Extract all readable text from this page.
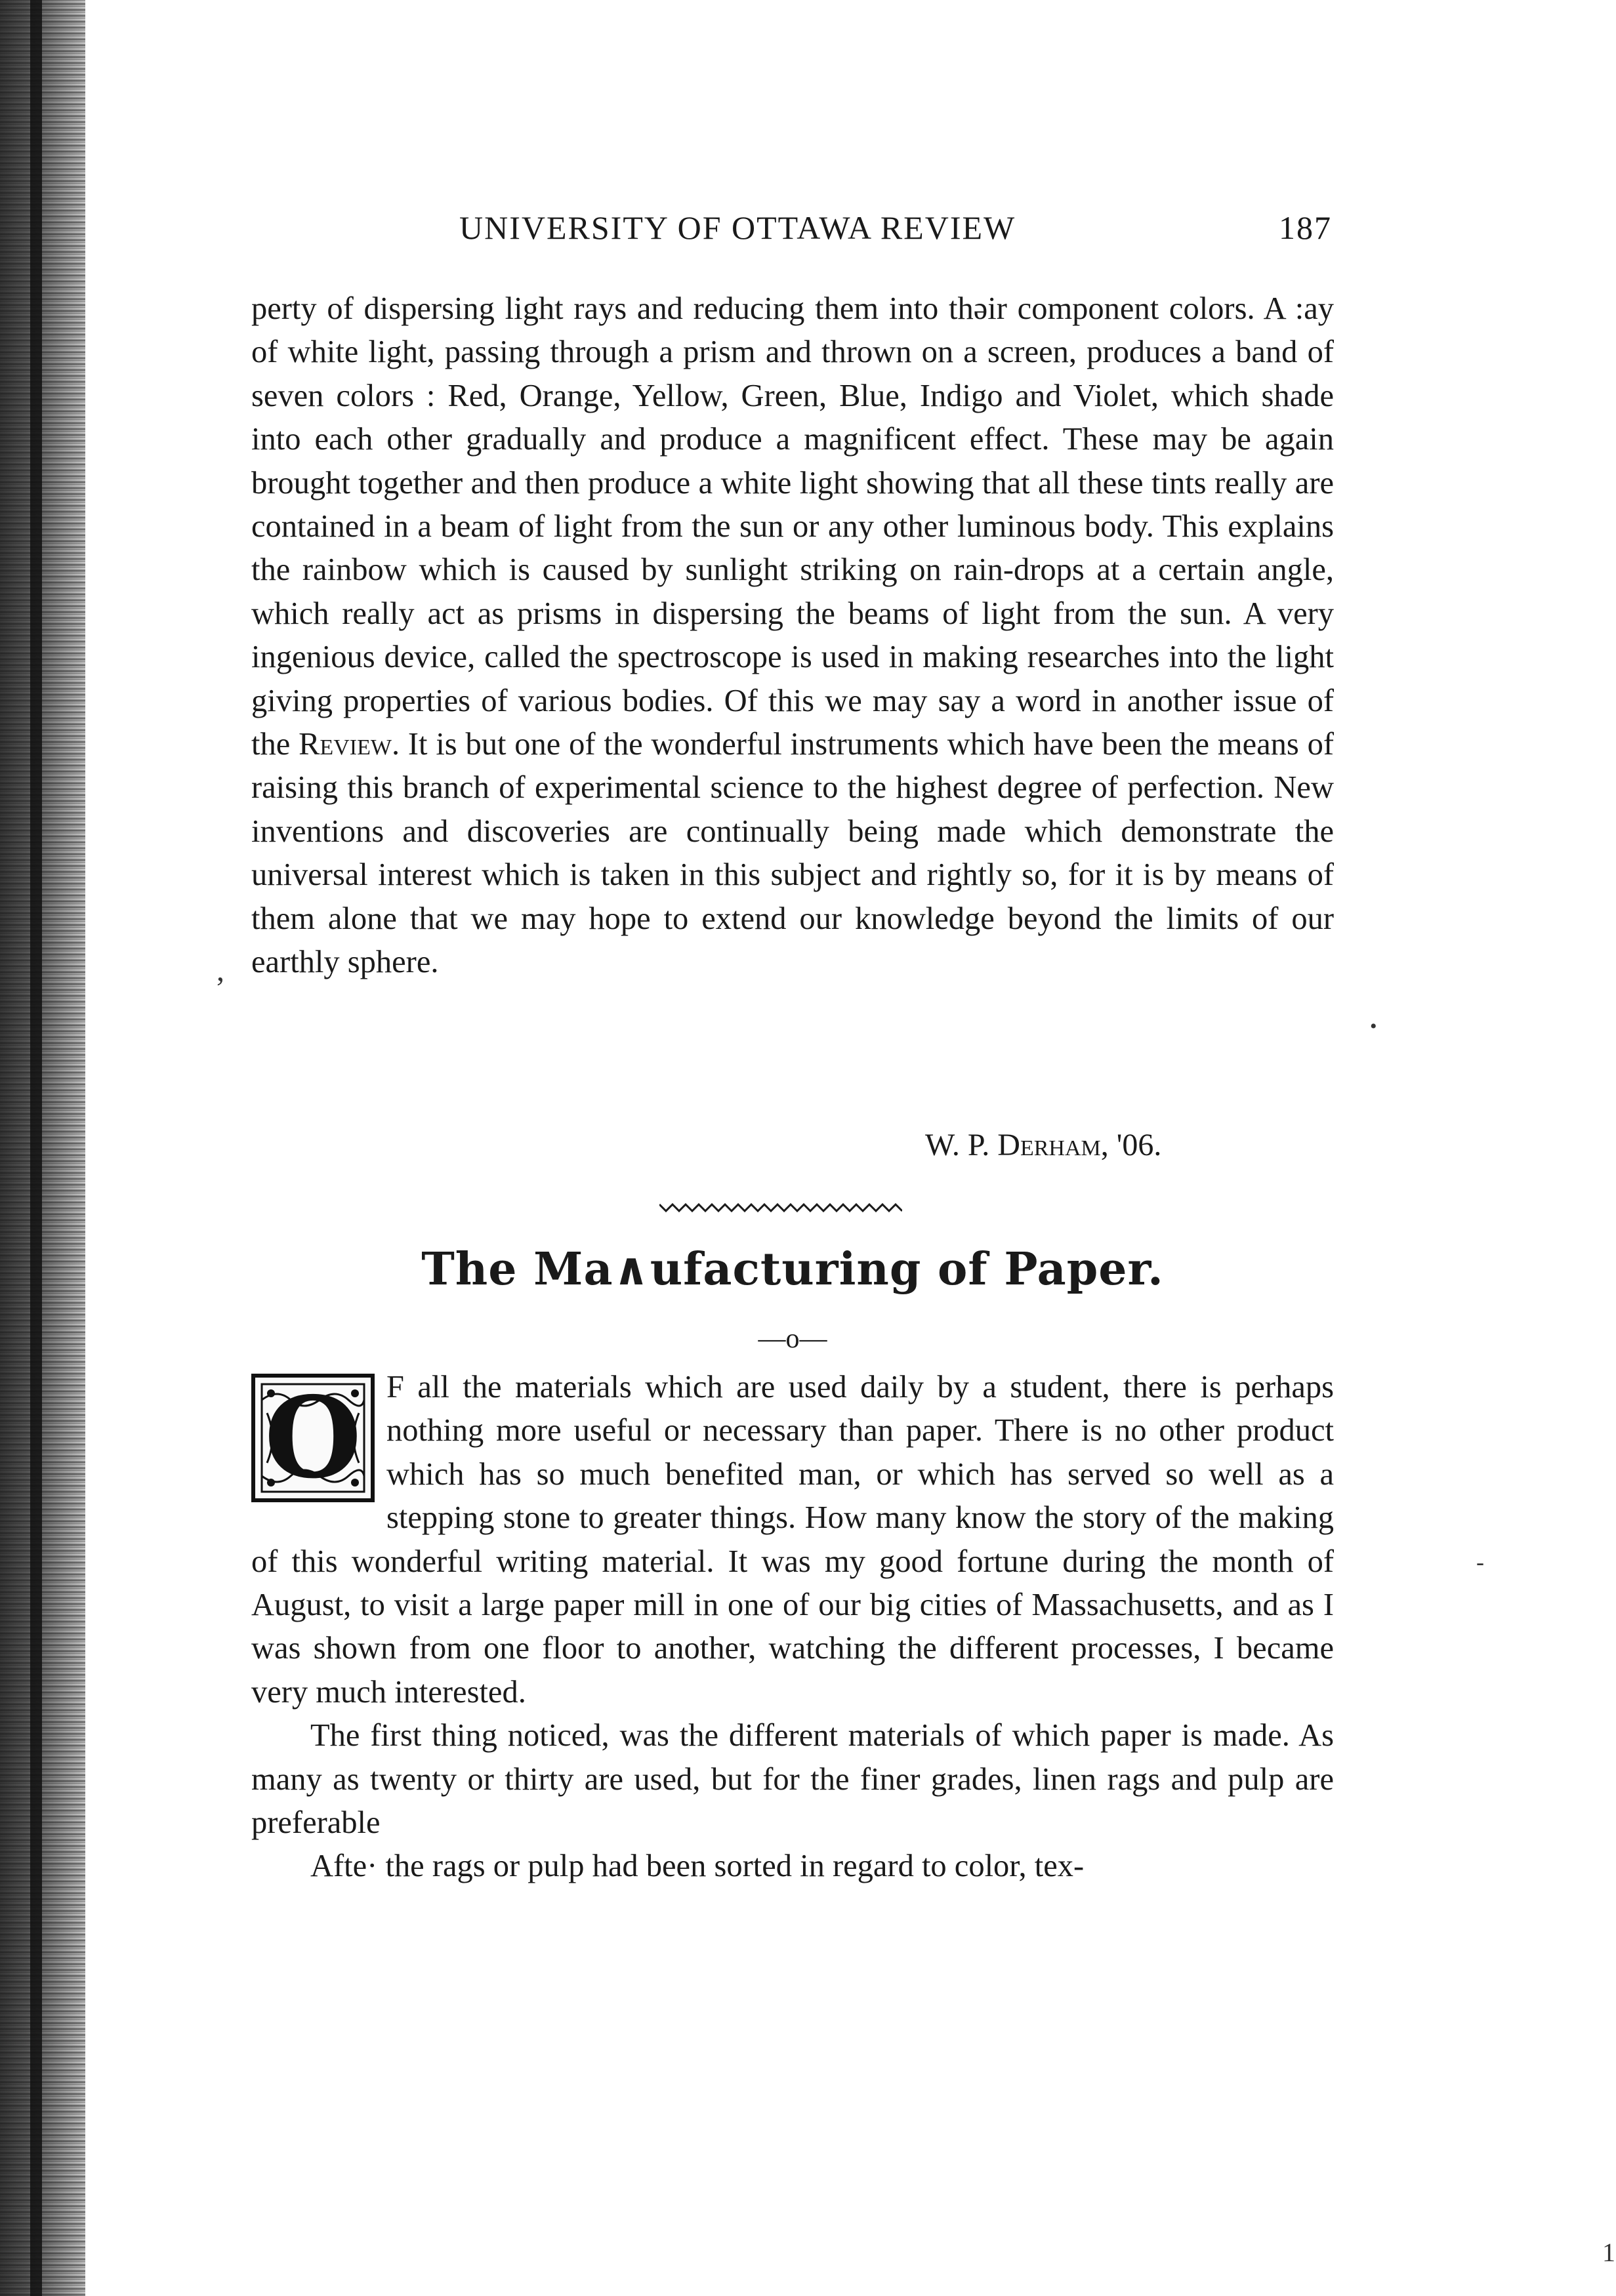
UNIVERSITY OF OTTAWA REVIEW	187

perty of dispersing light rays and reducing them into thəir component colors. A :ay of white light, passing through a prism and thrown on a screen, produces a band of seven colors : Red, Orange, Yellow, Green, Blue, Indigo and Violet, which shade into each other gradually and produce a magnificent effect. Theѕe may be again brought together and then produce a white light showing that all these tints really are contained in a beam of light from the sun or any other luminous body. This explains the rainbow which is caused by sunlight striking on rain-drops at a certain angle, which really act as prisms in dispersing the beams of light from the sun. A very ingenious device, called the spectroscope is used in making researches into the light giving properties of various bodies. Of this we may say a word in another issue of the Review. It is but one of the wonderful instruments which have been the means of raising this branch of experimental science to the highest degree of perfection. New inventions and discoveries are continually being made which demonstrate the universal interest which is taken in this subject and rightly so, for it is by means of them alone that we may hope to extend our knowledge beyond the limits of our earthly sphere.

W. P. Derham, '06.
The Ma∧ufacturing of Paper.
—o—

O F all the materials which are used daily by a student, there is perhaps nothing more useful or necessary than paper. There is no other product which has so much benefited man, or which has served so well as a stepping stone to greater things. How many know the story of the making of this wonderful writing material. It was my good fortune during the month of August, to visit a large paper mill in one of our big cities of Massachusetts, and as I was shown from one floor to another, watching the different processes, I became very much interested.

The first thing noticed, was the different materials of which paper is made. As many as twenty or thirty are used, but for the finer grades, linen rags and pulp are preferable

Afte· the rags or pulp had been sorted in regard to color, tex-

,
•
-
1
